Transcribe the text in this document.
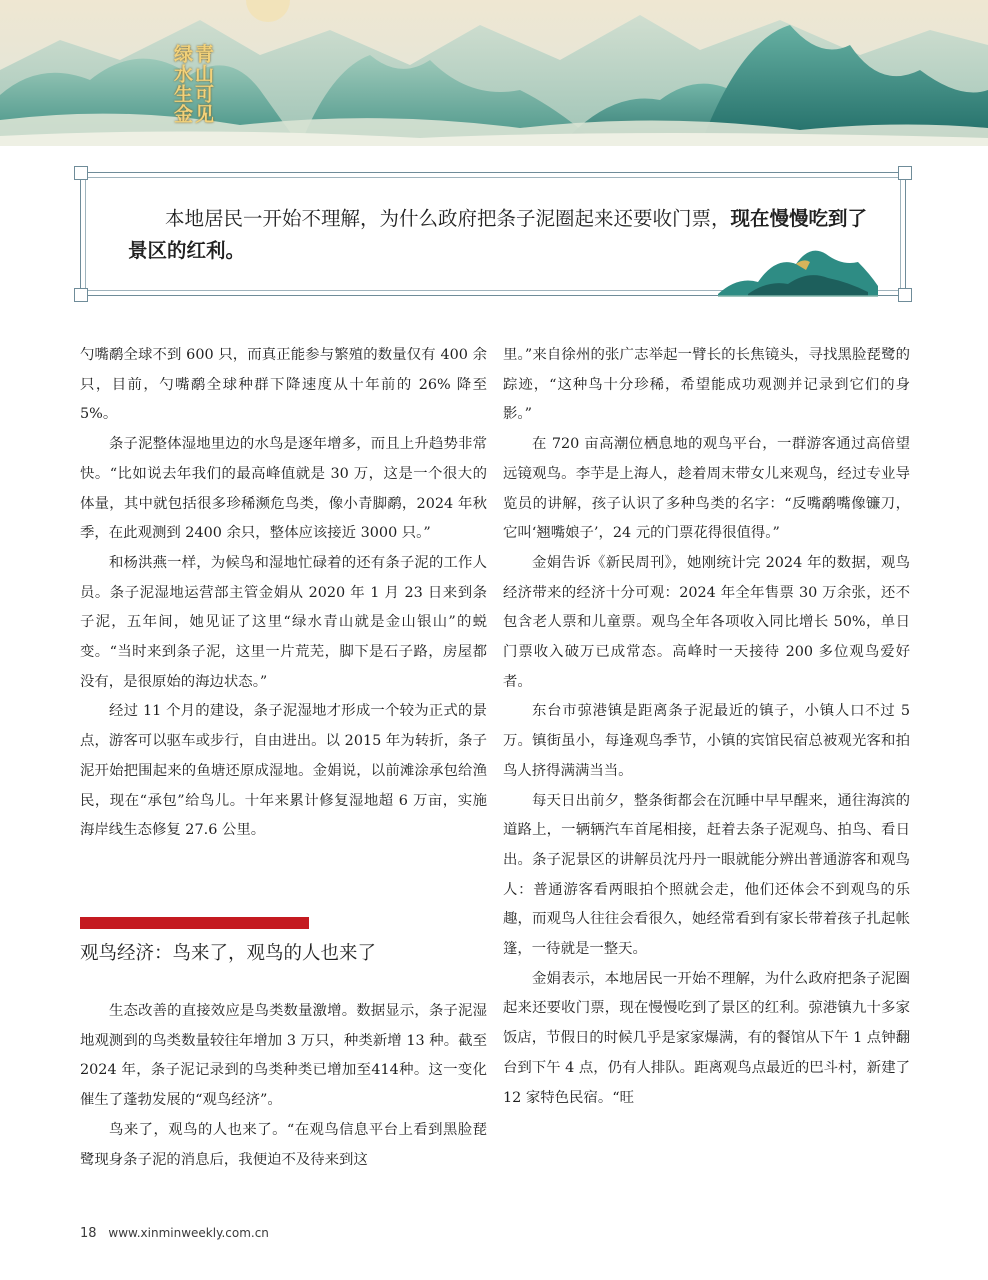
青山可见
绿水生金

本地居民一开始不理解，为什么政府把条子泥圈起来还要收门票，现在慢慢吃到了景区的红利。

勺嘴鹬全球不到 600 只，而真正能参与繁殖的数量仅有 400 余只，目前，勺嘴鹬全球种群下降速度从十年前的 26% 降至 5%。

条子泥整体湿地里边的水鸟是逐年增多，而且上升趋势非常快。“比如说去年我们的最高峰值就是 30 万，这是一个很大的体量，其中就包括很多珍稀濒危鸟类，像小青脚鹬，2024 年秋季，在此观测到 2400 余只，整体应该接近 3000 只。”

和杨洪燕一样，为候鸟和湿地忙碌着的还有条子泥的工作人员。条子泥湿地运营部主管金娟从 2020 年 1 月 23 日来到条子泥，五年间，她见证了这里“绿水青山就是金山银山”的蜕变。“当时来到条子泥，这里一片荒芜，脚下是石子路，房屋都没有，是很原始的海边状态。”

经过 11 个月的建设，条子泥湿地才形成一个较为正式的景点，游客可以驱车或步行，自由进出。以 2015 年为转折，条子泥开始把围起来的鱼塘还原成湿地。金娟说，以前滩涂承包给渔民，现在“承包”给鸟儿。十年来累计修复湿地超 6 万亩，实施海岸线生态修复 27.6 公里。

观鸟经济：鸟来了，观鸟的人也来了

生态改善的直接效应是鸟类数量激增。数据显示，条子泥湿地观测到的鸟类数量较往年增加 3 万只，种类新增 13 种。截至 2024 年，条子泥记录到的鸟类种类已增加至414种。这一变化催生了蓬勃发展的“观鸟经济”。

鸟来了，观鸟的人也来了。“在观鸟信息平台上看到黑脸琵鹭现身条子泥的消息后，我便迫不及待来到这

里。”来自徐州的张广志举起一臂长的长焦镜头，寻找黑脸琵鹭的踪迹，“这种鸟十分珍稀，希望能成功观测并记录到它们的身影。”

在 720 亩高潮位栖息地的观鸟平台，一群游客通过高倍望远镜观鸟。李芋是上海人，趁着周末带女儿来观鸟，经过专业导览员的讲解，孩子认识了多种鸟类的名字：“反嘴鹬嘴像镰刀，它叫‘翘嘴娘子’，24 元的门票花得很值得。”

金娟告诉《新民周刊》，她刚统计完 2024 年的数据，观鸟经济带来的经济十分可观：2024 年全年售票 30 万余张，还不包含老人票和儿童票。观鸟全年各项收入同比增长 50%，单日门票收入破万已成常态。高峰时一天接待 200 多位观鸟爱好者。

东台市弶港镇是距离条子泥最近的镇子，小镇人口不过 5 万。镇街虽小，每逢观鸟季节，小镇的宾馆民宿总被观光客和拍鸟人挤得满满当当。

每天日出前夕，整条街都会在沉睡中早早醒来，通往海滨的道路上，一辆辆汽车首尾相接，赶着去条子泥观鸟、拍鸟、看日出。条子泥景区的讲解员沈丹丹一眼就能分辨出普通游客和观鸟人：普通游客看两眼拍个照就会走，他们还体会不到观鸟的乐趣，而观鸟人往往会看很久，她经常看到有家长带着孩子扎起帐篷，一待就是一整天。

金娟表示，本地居民一开始不理解，为什么政府把条子泥圈起来还要收门票，现在慢慢吃到了景区的红利。弶港镇九十多家饭店，节假日的时候几乎是家家爆满，有的餐馆从下午 1 点钟翻台到下午 4 点，仍有人排队。距离观鸟点最近的巴斗村，新建了 12 家特色民宿。“旺

18 www.xinminweekly.com.cn
